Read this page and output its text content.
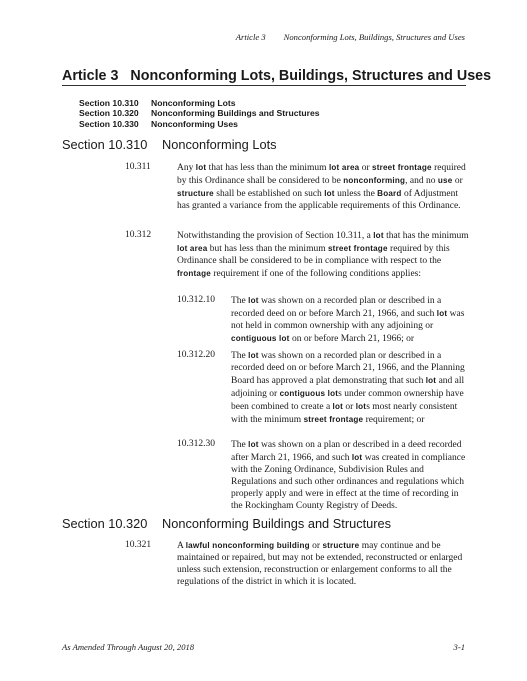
Article 3 Nonconforming Lots, Buildings, Structures and Uses
Article 3 Nonconforming Lots, Buildings, Structures and Uses
Section 10.310 Nonconforming Lots
Section 10.320 Nonconforming Buildings and Structures
Section 10.330 Nonconforming Uses
Section 10.310 Nonconforming Lots
10.311	Any lot that has less than the minimum lot area or street frontage required by this Ordinance shall be considered to be nonconforming, and no use or structure shall be established on such lot unless the Board of Adjustment has granted a variance from the applicable requirements of this Ordinance.
10.312	Notwithstanding the provision of Section 10.311, a lot that has the minimum lot area but has less than the minimum street frontage required by this Ordinance shall be considered to be in compliance with respect to the frontage requirement if one of the following conditions applies:
10.312.10 The lot was shown on a recorded plan or described in a recorded deed on or before March 21, 1966, and such lot was not held in common ownership with any adjoining or contiguous lot on or before March 21, 1966; or
10.312.20 The lot was shown on a recorded plan or described in a recorded deed on or before March 21, 1966, and the Planning Board has approved a plat demonstrating that such lot and all adjoining or contiguous lots under common ownership have been combined to create a lot or lots most nearly consistent with the minimum street frontage requirement; or
10.312.30 The lot was shown on a plan or described in a deed recorded after March 21, 1966, and such lot was created in compliance with the Zoning Ordinance, Subdivision Rules and Regulations and such other ordinances and regulations which properly apply and were in effect at the time of recording in the Rockingham County Registry of Deeds.
Section 10.320 Nonconforming Buildings and Structures
10.321	A lawful nonconforming building or structure may continue and be maintained or repaired, but may not be extended, reconstructed or enlarged unless such extension, reconstruction or enlargement conforms to all the regulations of the district in which it is located.
As Amended Through August 20, 2018	3-1
